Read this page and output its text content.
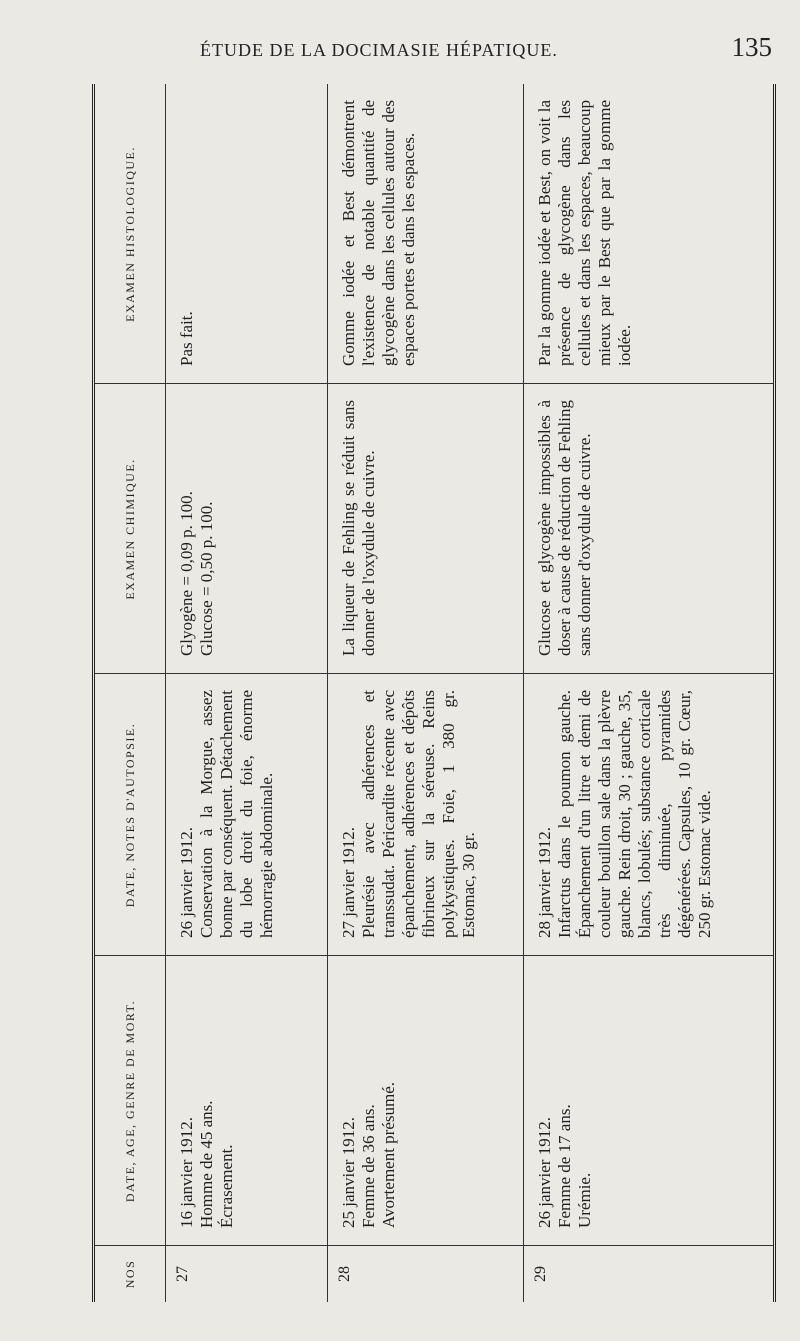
ÉTUDE DE LA DOCIMASIE HÉPATIQUE.	135
NOS
DATE, AGE, GENRE DE MORT.
DATE, NOTES D'AUTOPSIE.
EXAMEN CHIMIQUE.
EXAMEN HISTOLOGIQUE.
27
16 janvier 1912.
Homme de 45 ans.
Écrasement.
26 janvier 1912.
Conservation à la Morgue, assez bonne par conséquent. Détachement du lobe droit du foie, énorme hémorragie abdominale.
Glyogène = 0,09 p. 100.
Glucose = 0,50 p. 100.
Pas fait.
28
25 janvier 1912.
Femme de 36 ans.
Avortement présumé.
27 janvier 1912.
Pleurésie avec adhérences et transsudat. Péricardite récente avec épanchement, adhérences et dépôts fibrineux sur la séreuse. Reins polykystiques. Foie, 1 380 gr. Estomac, 30 gr.
La liqueur de Fehling se réduit sans donner de l'oxydule de cuivre.
Gomme iodée et Best démontrent l'existence de notable quantité de glycogène dans les cellules autour des espaces portes et dans les espaces.
29
26 janvier 1912.
Femme de 17 ans.
Urémie.
28 janvier 1912.
Infarctus dans le poumon gauche. Épanchement d'un litre et demi de couleur bouillon sale dans la plèvre gauche. Rein droit, 30 ; gauche, 35, blancs, lobulés; substance corticale très diminuée, pyramides dégénérées. Capsules, 10 gr. Cœur, 250 gr. Estomac vide.
Glucose et glycogène impossibles à doser à cause de réduction de Fehling sans donner d'oxydule de cuivre.
Par la gomme iodée et Best, on voit la présence de glycogène dans les cellules et dans les espaces, beaucoup mieux par le Best que par la gomme iodée.
